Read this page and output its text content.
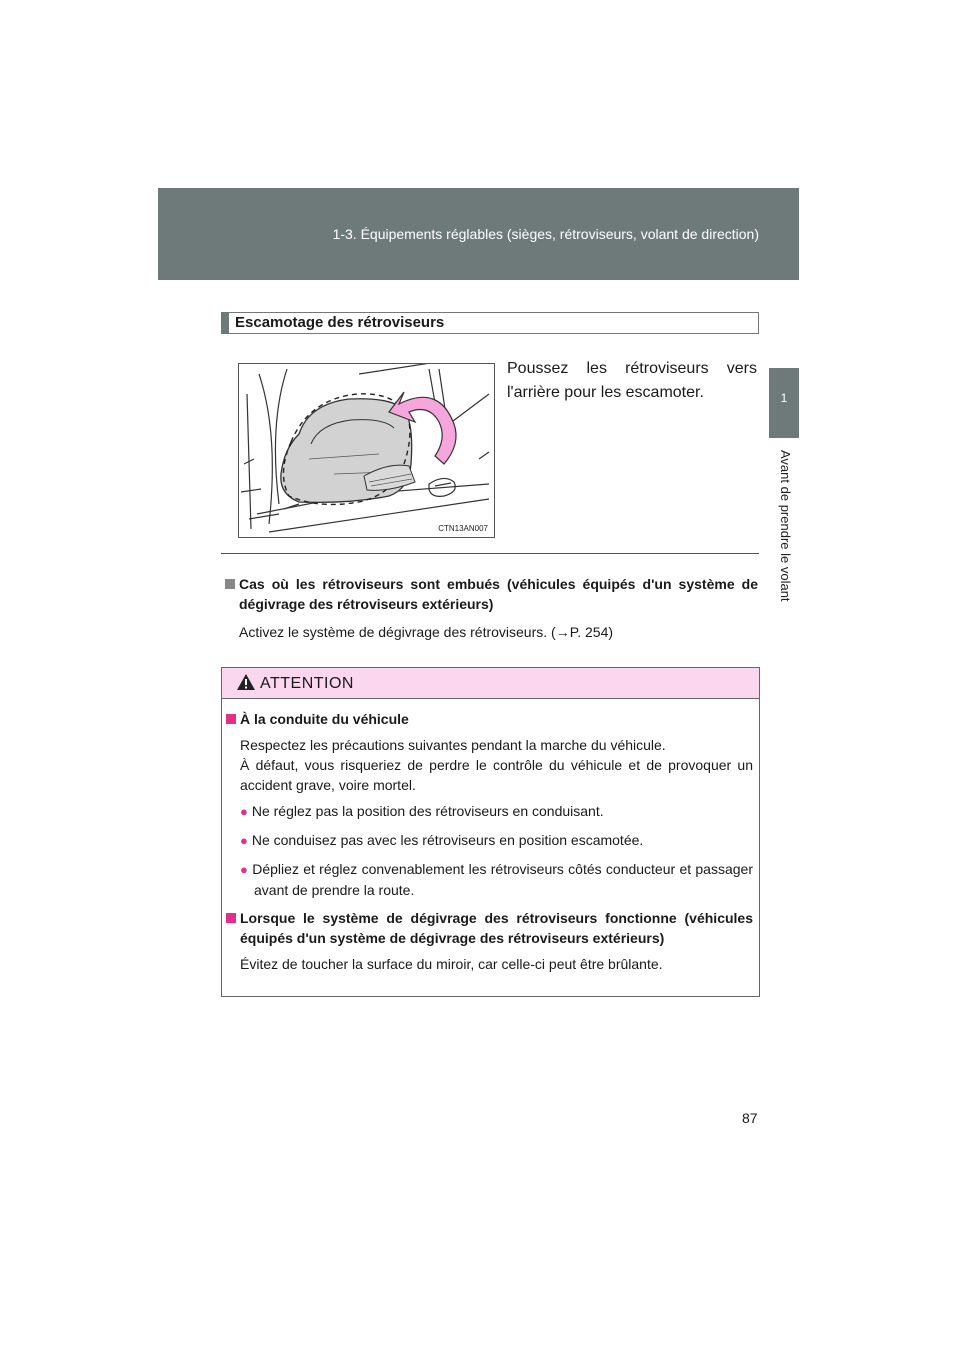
1-3. Équipements réglables (sièges, rétroviseurs, volant de direction)
1
Avant de prendre le volant
Escamotage des rétroviseurs
CTN13AN007
Poussez les rétroviseurs vers l'arrière pour les escamoter.
Cas où les rétroviseurs sont embués (véhicules équipés d'un système de dégivrage des rétroviseurs extérieurs)
Activez le système de dégivrage des rétroviseurs. (→P. 254)
ATTENTION
À la conduite du véhicule
Respectez les précautions suivantes pendant la marche du véhicule.
À défaut, vous risqueriez de perdre le contrôle du véhicule et de provoquer un accident grave, voire mortel.
● Ne réglez pas la position des rétroviseurs en conduisant.
● Ne conduisez pas avec les rétroviseurs en position escamotée.
● Dépliez et réglez convenablement les rétroviseurs côtés conducteur et passager avant de prendre la route.
Lorsque le système de dégivrage des rétroviseurs fonctionne (véhicules équipés d'un système de dégivrage des rétroviseurs extérieurs)
Évitez de toucher la surface du miroir, car celle-ci peut être brûlante.
87
